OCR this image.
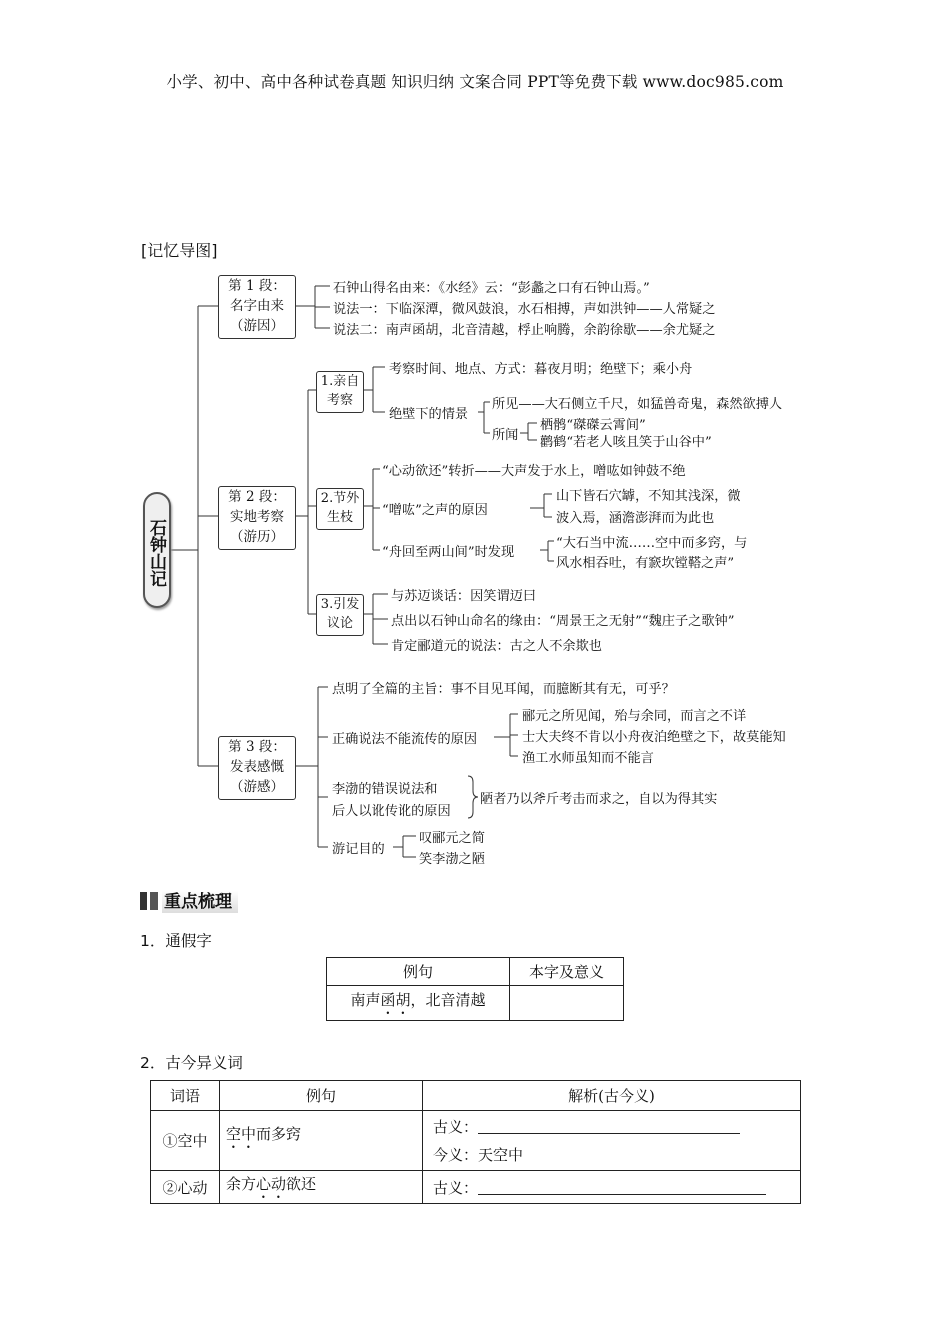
小学、初中、高中各种试卷真题 知识归纳 文案合同 PPT等免费下载 www.doc985.com
[记忆导图]
石钟山记
第 1 段：
名字由来
（游因）
第 2 段：
实地考察
（游历）
第 3 段：
发表感慨
（游感）
石钟山得名由来：《水经》云：“彭蠡之口有石钟山焉。”
说法一：下临深潭，微风鼓浪，水石相搏，声如洪钟——人常疑之
说法二：南声函胡，北音清越，桴止响腾，余韵徐歇——余尤疑之
1.亲自
考察
考察时间、地点、方式：暮夜月明；绝壁下；乘小舟
绝壁下的情景
所见——大石侧立千尺，如猛兽奇鬼，森然欲搏人
所闻
栖鹘“磔磔云霄间”
鹳鹤“若老人咳且笑于山谷中”
2.节外
生枝
“心动欲还”转折——大声发于水上，噌吰如钟鼓不绝
“噌吰”之声的原因
山下皆石穴罅，不知其浅深，微
波入焉，涵澹澎湃而为此也
“舟回至两山间”时发现
“大石当中流……空中而多窍，与
风水相吞吐，有窾坎镗鞳之声”
3.引发
议论
与苏迈谈话：因笑谓迈曰
点出以石钟山命名的缘由：“周景王之无射”“魏庄子之歌钟”
肯定郦道元的说法：古之人不余欺也
点明了全篇的主旨：事不目见耳闻，而臆断其有无，可乎？
正确说法不能流传的原因
郦元之所见闻，殆与余同，而言之不详
士大夫终不肯以小舟夜泊绝壁之下，故莫能知
渔工水师虽知而不能言
李渤的错误说法和
后人以讹传讹的原因
陋者乃以斧斤考击而求之，自以为得其实
游记目的
叹郦元之简
笑李渤之陋
重点梳理
1．通假字
例句	本字及意义
南声函胡，北音清越	
2．古今异义词
词语	例句	解析(古今义)
①空中	空中而多窍	古义：
今义：天空中

②心动	余方心动欲还	古义：
